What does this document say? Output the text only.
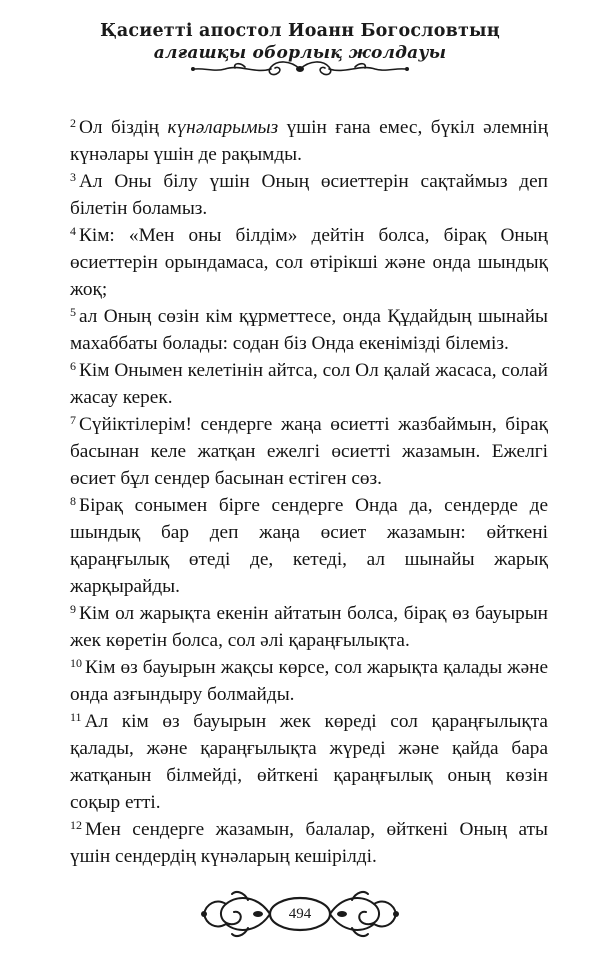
Қасиетті апостол Иоанн Богословтың
алғашқы оборлық жолдауы

$^2$ Ол біздің күнәларымыз үшін ғана емес, бүкіл әлемнің күнәлары үшін де рақымды.

$^3$ Ал Оны білу үшін Оның өсиеттерін сақтаймыз деп білетін боламыз.

$^4$ Кім: «Мен оны білдім» дейтін болса, бірақ Оның өсиеттерін орындамаса, сол өтірікші және онда шындық жоқ;

$^5$ ал Оның сөзін кім құрметтесе, онда Құдайдың шынайы махаббаты болады: содан біз Онда екенімізді білеміз.

$^6$ Кім Онымен келетінін айтса, сол Ол қалай жасаса, солай жасау керек.

$^7$ Сүйіктілерім! сендерге жаңа өсиетті жазбаймын, бірақ басынан келе жатқан ежелгі өсиетті жазамын. Ежелгі өсиет бұл сендер басынан естіген сөз.

$^8$ Бірақ сонымен бірге сендерге Онда да, сендерде де шындық бар деп жаңа өсиет жазамын: өйткені қараңғылық өтеді де, кетеді, ал шынайы жарық жарқырайды.

$^9$ Кім ол жарықта екенін айтатын болса, бірақ өз бауырын жек көретін болса, сол әлі қараңғылықта.

$^{10}$ Кім өз бауырын жақсы көрсе, сол жарықта қалады және онда азғындыру болмайды.

$^{11}$ Ал кім өз бауырын жек көреді сол қараңғылықта қалады, және қараңғылықта жүреді және қайда бара жатқанын білмейді, өйткені қараңғылық оның көзін соқыр етті.

$^{12}$ Мен сендерге жазамын, балалар, өйткені Оның аты үшін сендердің күнәларың кешірілді.

494
